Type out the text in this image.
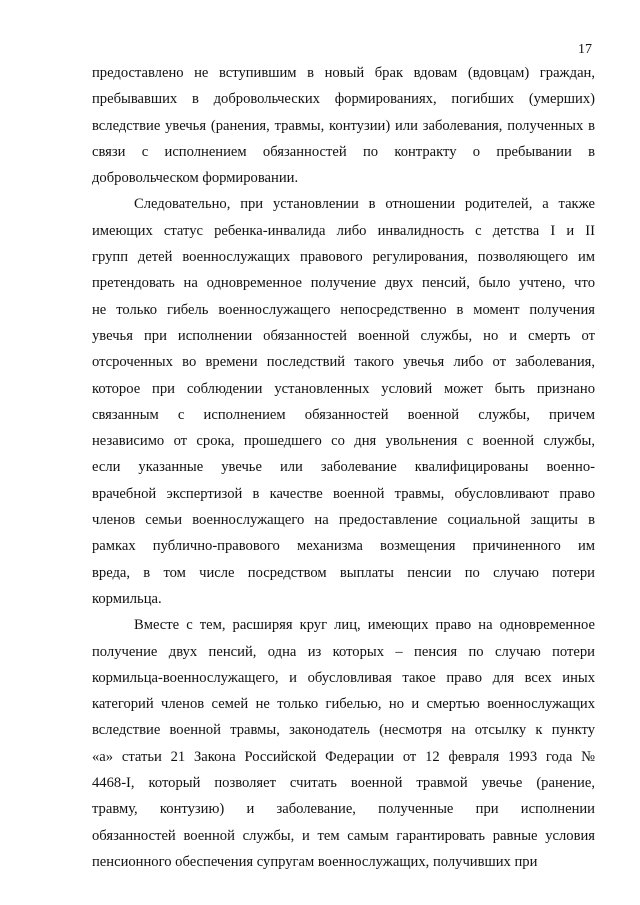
17

предоставлено не вступившим в новый брак вдовам (вдовцам) граждан,
пребывавших в добровольческих формированиях, погибших (умерших)
вследствие увечья (ранения, травмы, контузии) или заболевания, полученных в
связи с исполнением обязанностей по контракту о пребывании в
добровольческом формировании.

Следовательно, при установлении в отношении родителей, а также
имеющих статус ребенка-инвалида либо инвалидность с детства I и II
групп детей военнослужащих правового регулирования, позволяющего им
претендовать на одновременное получение двух пенсий, было учтено, что
не только гибель военнослужащего непосредственно в момент получения
увечья при исполнении обязанностей военной службы, но и смерть от
отсроченных во времени последствий такого увечья либо от заболевания,
которое при соблюдении установленных условий может быть признано
связанным с исполнением обязанностей военной службы, причем
независимо от срока, прошедшего со дня увольнения с военной службы,
если указанные увечье или заболевание квалифицированы военно-
врачебной экспертизой в качестве военной травмы, обусловливают право
членов семьи военнослужащего на предоставление социальной защиты в
рамках публично-правового механизма возмещения причиненного им
вреда, в том числе посредством выплаты пенсии по случаю потери
кормильца.

Вместе с тем, расширяя круг лиц, имеющих право на одновременное
получение двух пенсий, одна из которых – пенсия по случаю потери
кормильца-военнослужащего, и обусловливая такое право для всех иных
категорий членов семей не только гибелью, но и смертью военнослужащих
вследствие военной травмы, законодатель (несмотря на отсылку к пункту
«а» статьи 21 Закона Российской Федерации от 12 февраля 1993 года №
4468-I, который позволяет считать военной травмой увечье (ранение,
травму, контузию) и заболевание, полученные при исполнении
обязанностей военной службы, и тем самым гарантировать равные условия
пенсионного обеспечения супругам военнослужащих, получивших при
